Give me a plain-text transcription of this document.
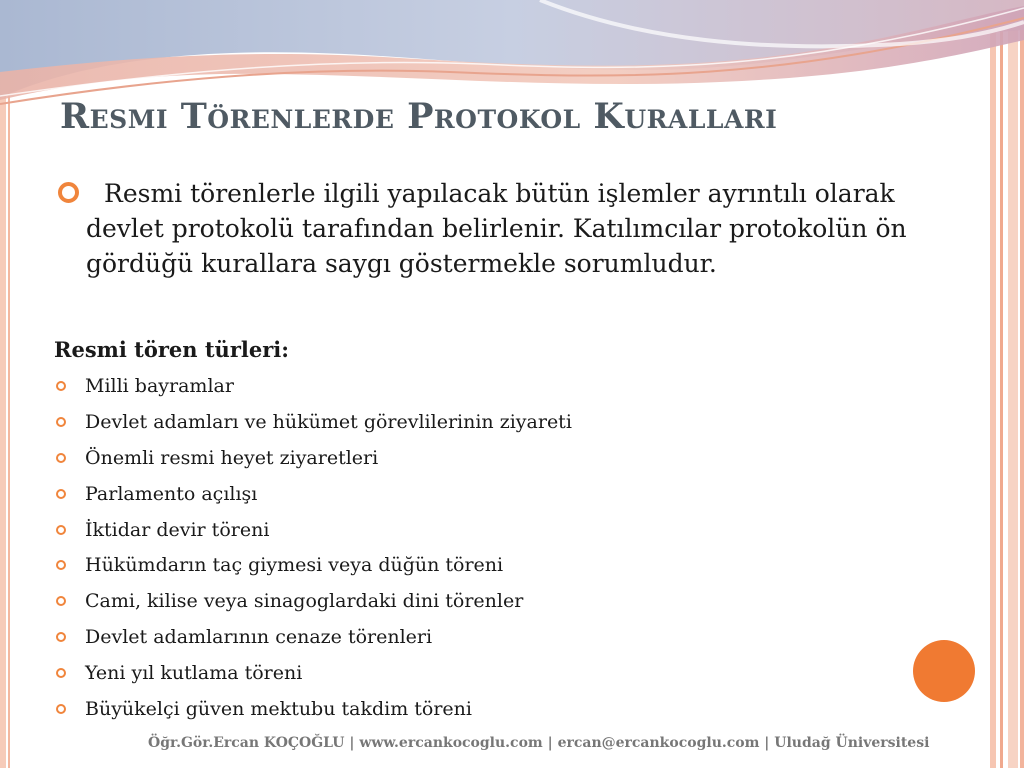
Resmi Törenlerde Protokol Kuralları
Resmi törenlerle ilgili yapılacak bütün işlemler ayrıntılı olarak devlet protokolü tarafından belirlenir. Katılımcılar protokolün ön gördüğü kurallara saygı göstermekle sorumludur.
Resmi tören türleri:
Milli bayramlar
Devlet adamları ve hükümet görevlilerinin ziyareti
Önemli resmi heyet ziyaretleri
Parlamento açılışı
İktidar devir töreni
Hükümdarın taç giymesi veya düğün töreni
Cami, kilise veya sinagoglardaki dini törenler
Devlet adamlarının cenaze törenleri
Yeni yıl kutlama töreni
Büyükelçi güven mektubu takdim töreni
Öğr.Gör.Ercan KOÇOĞLU | www.ercankocoglu.com | ercan@ercankocoglu.com | Uludağ Üniversitesi
